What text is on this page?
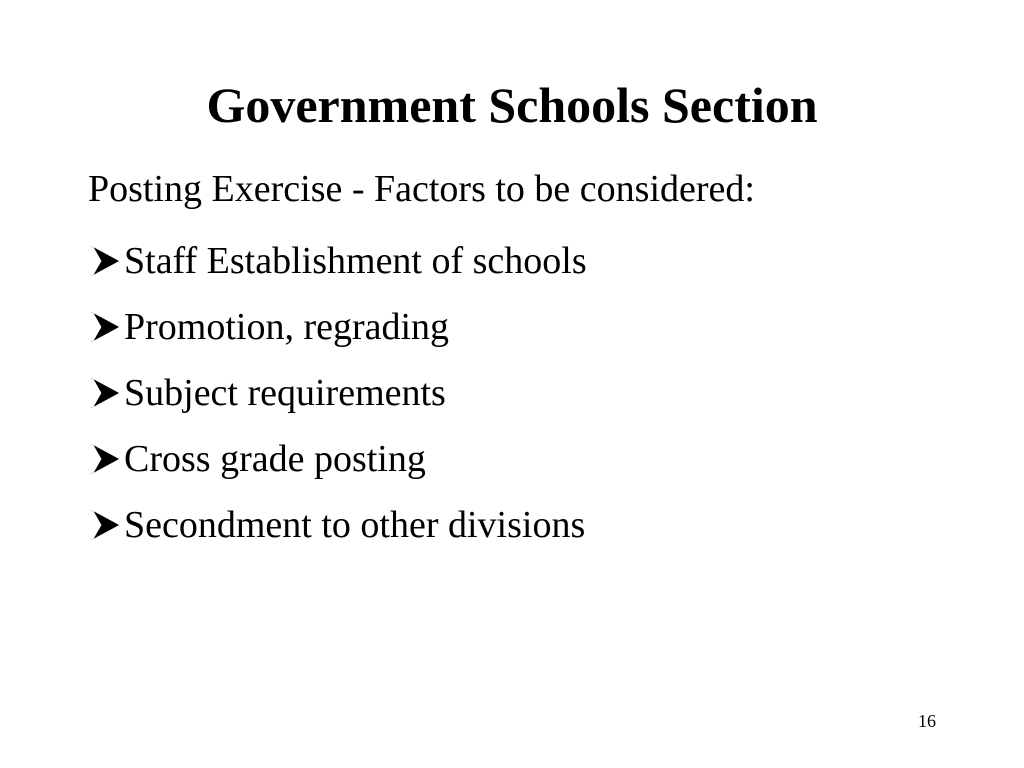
Government Schools Section

Posting Exercise - Factors to be considered:

Staff Establishment of schools
Promotion, regrading
Subject requirements
Cross grade posting
Secondment to other divisions
16
